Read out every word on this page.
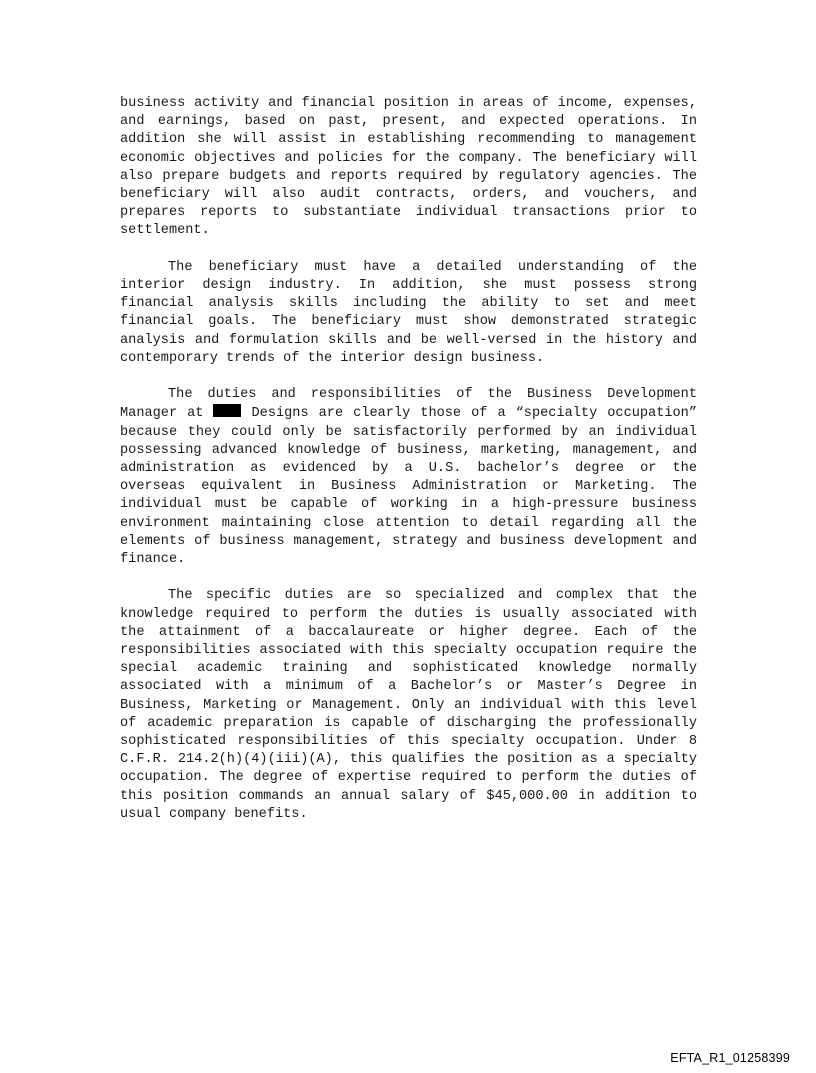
business activity and financial position in areas of income, expenses, and earnings, based on past, present, and expected operations. In addition she will assist in establishing recommending to management economic objectives and policies for the company. The beneficiary will also prepare budgets and reports required by regulatory agencies. The beneficiary will also audit contracts, orders, and vouchers, and prepares reports to substantiate individual transactions prior to settlement.

The beneficiary must have a detailed understanding of the interior design industry. In addition, she must possess strong financial analysis skills including the ability to set and meet financial goals. The beneficiary must show demonstrated strategic analysis and formulation skills and be well-versed in the history and contemporary trends of the interior design business.

The duties and responsibilities of the Business Development Manager at  Designs are clearly those of a “specialty occupation” because they could only be satisfactorily performed by an individual possessing advanced knowledge of business, marketing, management, and administration as evidenced by a U.S. bachelor’s degree or the overseas equivalent in Business Administration or Marketing. The individual must be capable of working in a high-pressure business environment maintaining close attention to detail regarding all the elements of business management, strategy and business development and finance.

The specific duties are so specialized and complex that the knowledge required to perform the duties is usually associated with the attainment of a baccalaureate or higher degree. Each of the responsibilities associated with this specialty occupation require the special academic training and sophisticated knowledge normally associated with a minimum of a Bachelor’s or Master’s Degree in Business, Marketing or Management. Only an individual with this level of academic preparation is capable of discharging the professionally sophisticated responsibilities of this specialty occupation. Under 8 C.F.R. 214.2(h)(4)(iii)(A), this qualifies the position as a specialty occupation. The degree of expertise required to perform the duties of this position commands an annual salary of $45,000.00 in addition to usual company benefits.

EFTA_R1_01258399
